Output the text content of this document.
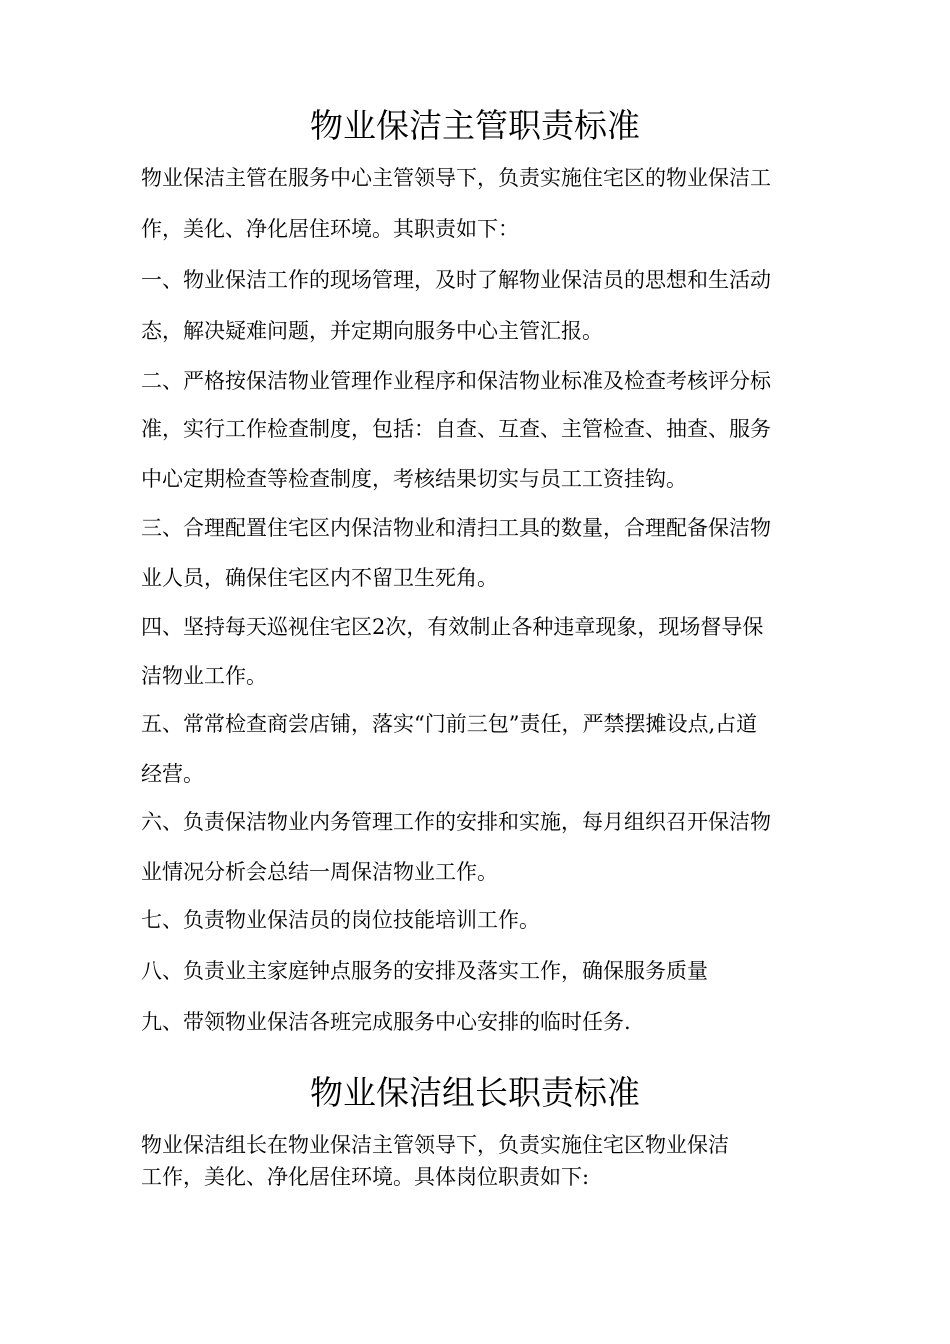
物业保洁主管职责标准
物业保洁主管在服务中心主管领导下，负责实施住宅区的物业保洁工
作，美化、净化居住环境。其职责如下：
一、物业保洁工作的现场管理，及时了解物业保洁员的思想和生活动
态，解决疑难问题，并定期向服务中心主管汇报。
二、严格按保洁物业管理作业程序和保洁物业标准及检查考核评分标
准，实行工作检查制度，包括：自查、互查、主管检查、抽查、服务
中心定期检查等检查制度，考核结果切实与员工工资挂钩。
三、合理配置住宅区内保洁物业和清扫工具的数量，合理配备保洁物
业人员，确保住宅区内不留卫生死角。
四、坚持每天巡视住宅区2次，有效制止各种违章现象，现场督导保
洁物业工作。
五、常常检查商尝店铺，落实“门前三包”责任，严禁摆摊设点,占道
经营。
六、负责保洁物业内务管理工作的安排和实施，每月组织召开保洁物
业情况分析会总结一周保洁物业工作。
七、负责物业保洁员的岗位技能培训工作。
八、负责业主家庭钟点服务的安排及落实工作，确保服务质量
九、带领物业保洁各班完成服务中心安排的临时任务.
物业保洁组长职责标准
物业保洁组长在物业保洁主管领导下，负责实施住宅区物业保洁
工作，美化、净化居住环境。具体岗位职责如下:
